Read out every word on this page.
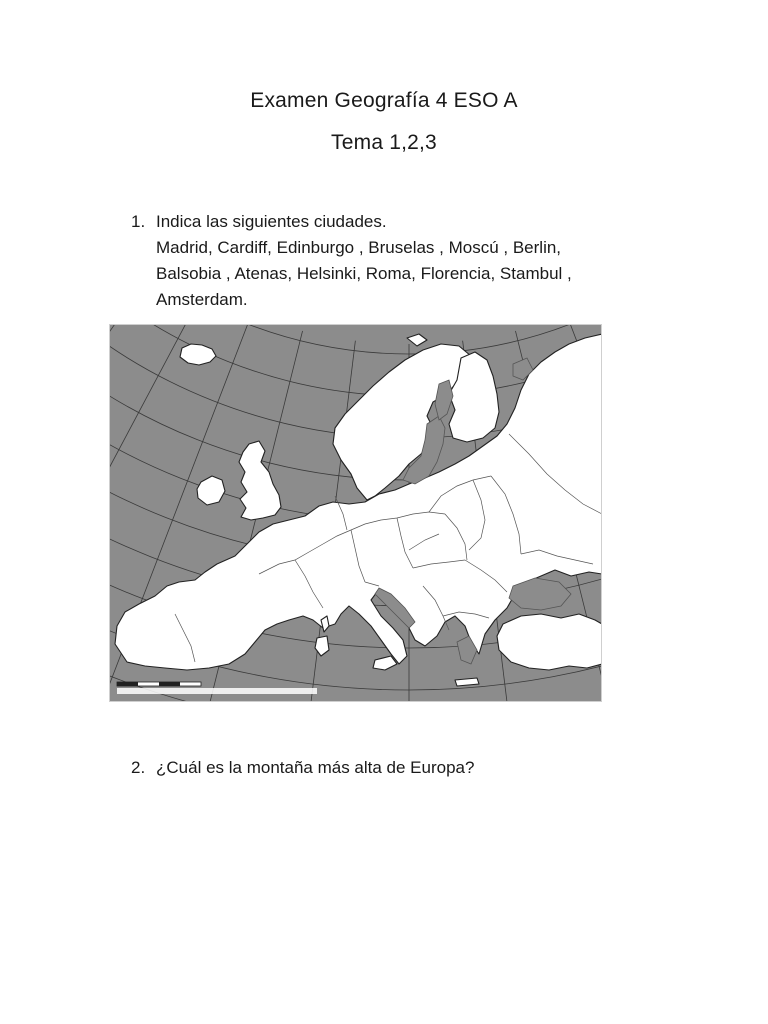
Examen Geografía 4 ESO A
Tema 1,2,3
1. Indica las siguientes ciudades.
Madrid, Cardiff, Edinburgo , Bruselas , Moscú , Berlin,
Balsobia , Atenas, Helsinki, Roma, Florencia, Stambul ,
Amsterdam.
2. ¿Cuál es la montaña más alta de Europa?
